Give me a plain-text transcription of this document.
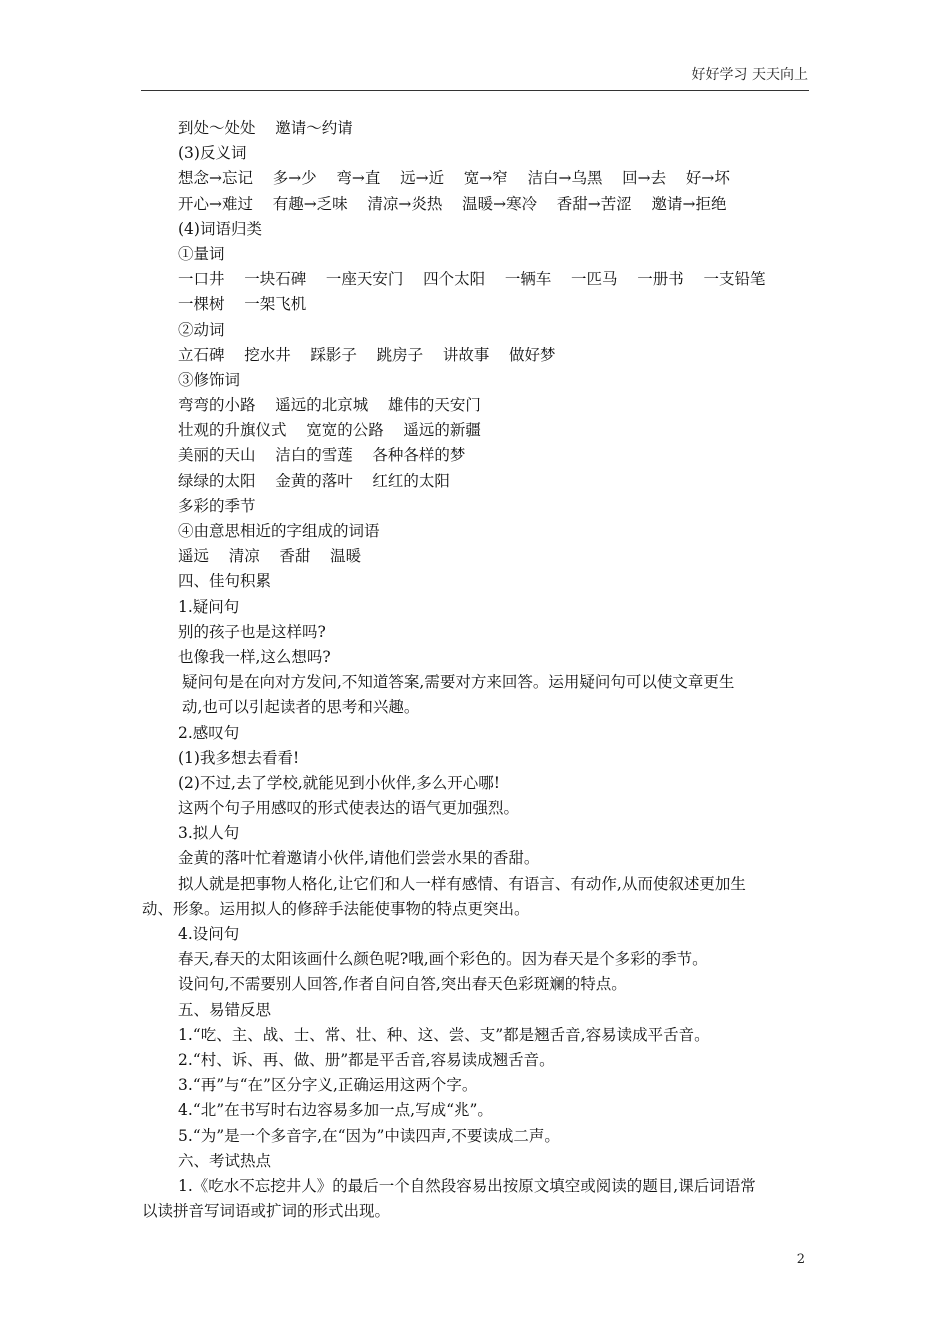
好好学习 天天向上
到处～处处    邀请～约请
(3)反义词
想念→忘记    多→少    弯→直    远→近    宽→窄    洁白→乌黑    回→去    好→坏
开心→难过    有趣→乏味    清凉→炎热    温暖→寒冷    香甜→苦涩    邀请→拒绝
(4)词语归类
①量词
一口井    一块石碑    一座天安门    四个太阳    一辆车    一匹马    一册书    一支铅笔
一棵树    一架飞机
②动词
立石碑    挖水井    踩影子    跳房子    讲故事    做好梦
③修饰词
弯弯的小路    遥远的北京城    雄伟的天安门
壮观的升旗仪式    宽宽的公路    遥远的新疆
美丽的天山    洁白的雪莲    各种各样的梦
绿绿的太阳    金黄的落叶    红红的太阳
多彩的季节
④由意思相近的字组成的词语
遥远    清凉    香甜    温暖
四、佳句积累
1.疑问句
别的孩子也是这样吗?
也像我一样,这么想吗?
疑问句是在向对方发问,不知道答案,需要对方来回答。运用疑问句可以使文章更生
动,也可以引起读者的思考和兴趣。
2.感叹句
(1)我多想去看看!
(2)不过,去了学校,就能见到小伙伴,多么开心哪!
这两个句子用感叹的形式使表达的语气更加强烈。
3.拟人句
金黄的落叶忙着邀请小伙伴,请他们尝尝水果的香甜。
拟人就是把事物人格化,让它们和人一样有感情、有语言、有动作,从而使叙述更加生
动、形象。运用拟人的修辞手法能使事物的特点更突出。
4.设问句
春天,春天的太阳该画什么颜色呢?哦,画个彩色的。因为春天是个多彩的季节。
设问句,不需要别人回答,作者自问自答,突出春天色彩斑斓的特点。
五、易错反思
1.“吃、主、战、士、常、壮、种、这、尝、支”都是翘舌音,容易读成平舌音。
2.“村、诉、再、做、册”都是平舌音,容易读成翘舌音。
3.“再”与“在”区分字义,正确运用这两个字。
4.“北”在书写时右边容易多加一点,写成“兆”。
5.“为”是一个多音字,在“因为”中读四声,不要读成二声。
六、考试热点
1.《吃水不忘挖井人》的最后一个自然段容易出按原文填空或阅读的题目,课后词语常
以读拼音写词语或扩词的形式出现。
2
